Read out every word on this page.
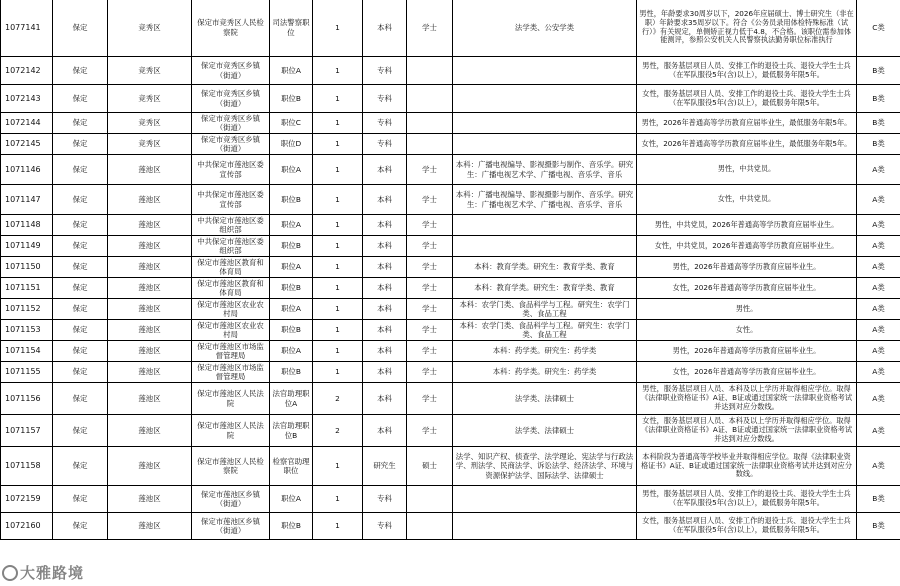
1077141	保定	竞秀区	保定市竞秀区人民检察院	司法警察职位	1	本科	学士	法学类、公安学类	男性，年龄要求30周岁以下，2026年应届硕士、博士研究生（非在职）年龄要求35周岁以下。符合《公务员录用体检特殊标准（试行）》有关规定，单侧矫正视力低于4.8，不合格。该职位需参加体能测评，参照公安机关人民警察执法勤务职位标准执行	C类
1072142	保定	竞秀区	保定市竞秀区乡镇（街道）	职位A	1	专科			男性，服务基层项目人员、安排工作的退役士兵、退役大学生士兵（在军队服役5年(含)以上），最低服务年限5年。	B类
1072143	保定	竞秀区	保定市竞秀区乡镇（街道）	职位B	1	专科			女性，服务基层项目人员、安排工作的退役士兵、退役大学生士兵（在军队服役5年(含)以上），最低服务年限5年。	B类
1072144	保定	竞秀区	保定市竞秀区乡镇（街道）	职位C	1	专科			男性，2026年普通高等学历教育应届毕业生，最低服务年限5年。	B类
1072145	保定	竞秀区	保定市竞秀区乡镇（街道）	职位D	1	专科			女性，2026年普通高等学历教育应届毕业生，最低服务年限5年。	B类
1071146	保定	莲池区	中共保定市莲池区委宣传部	职位A	1	本科	学士	本科：广播电视编导、影视摄影与制作、音乐学。研究生：广播电视艺术学、广播电视、音乐学、音乐	男性，中共党员。	A类
1071147	保定	莲池区	中共保定市莲池区委宣传部	职位B	1	本科	学士	本科：广播电视编导、影视摄影与制作、音乐学。研究生：广播电视艺术学、广播电视、音乐学、音乐	女性，中共党员。	A类
1071148	保定	莲池区	中共保定市莲池区委组织部	职位A	1	本科	学士		男性，中共党员，2026年普通高等学历教育应届毕业生。	A类
1071149	保定	莲池区	中共保定市莲池区委组织部	职位B	1	本科	学士		女性，中共党员，2026年普通高等学历教育应届毕业生。	A类
1071150	保定	莲池区	保定市莲池区教育和体育局	职位A	1	本科	学士	本科：教育学类。研究生：教育学类、教育	男性，2026年普通高等学历教育应届毕业生。	A类
1071151	保定	莲池区	保定市莲池区教育和体育局	职位B	1	本科	学士	本科：教育学类。研究生：教育学类、教育	女性，2026年普通高等学历教育应届毕业生。	A类
1071152	保定	莲池区	保定市莲池区农业农村局	职位A	1	本科	学士	本科：农学门类、食品科学与工程。研究生：农学门类、食品工程	男性。	A类
1071153	保定	莲池区	保定市莲池区农业农村局	职位B	1	本科	学士	本科：农学门类、食品科学与工程。研究生：农学门类、食品工程	女性。	A类
1071154	保定	莲池区	保定市莲池区市场监督管理局	职位A	1	本科	学士	本科：药学类。研究生：药学类	男性，2026年普通高等学历教育应届毕业生。	A类
1071155	保定	莲池区	保定市莲池区市场监督管理局	职位B	1	本科	学士	本科：药学类。研究生：药学类	女性，2026年普通高等学历教育应届毕业生。	A类
1071156	保定	莲池区	保定市莲池区人民法院	法官助理职位A	2	本科	学士	法学类、法律硕士	男性，服务基层项目人员、本科及以上学历并取得相应学位。取得《法律职业资格证书》A证、B证或通过国家统一法律职业资格考试并达到对应分数线。	A类
1071157	保定	莲池区	保定市莲池区人民法院	法官助理职位B	2	本科	学士	法学类、法律硕士	女性，服务基层项目人员、本科及以上学历并取得相应学位。取得《法律职业资格证书》A证、B证或通过国家统一法律职业资格考试并达到对应分数线。	A类
1071158	保定	莲池区	保定市莲池区人民检察院	检察官助理职位	1	研究生	硕士	法学、知识产权、侦查学、法学理论、宪法学与行政法学、刑法学、民商法学、诉讼法学、经济法学、环境与资源保护法学、国际法学、法律硕士	本科阶段为普通高等学校毕业并取得相应学位。取得《法律职业资格证书》A证、B证或通过国家统一法律职业资格考试并达到对应分数线。	A类
1072159	保定	莲池区	保定市莲池区乡镇（街道）	职位A	1	专科			男性，服务基层项目人员、安排工作的退役士兵、退役大学生士兵（在军队服役5年(含)以上），最低服务年限5年。	B类
1072160	保定	莲池区	保定市莲池区乡镇（街道）	职位B	1	专科			女性，服务基层项目人员、安排工作的退役士兵、退役大学生士兵（在军队服役5年(含)以上），最低服务年限5年。	B类
大雅路境
